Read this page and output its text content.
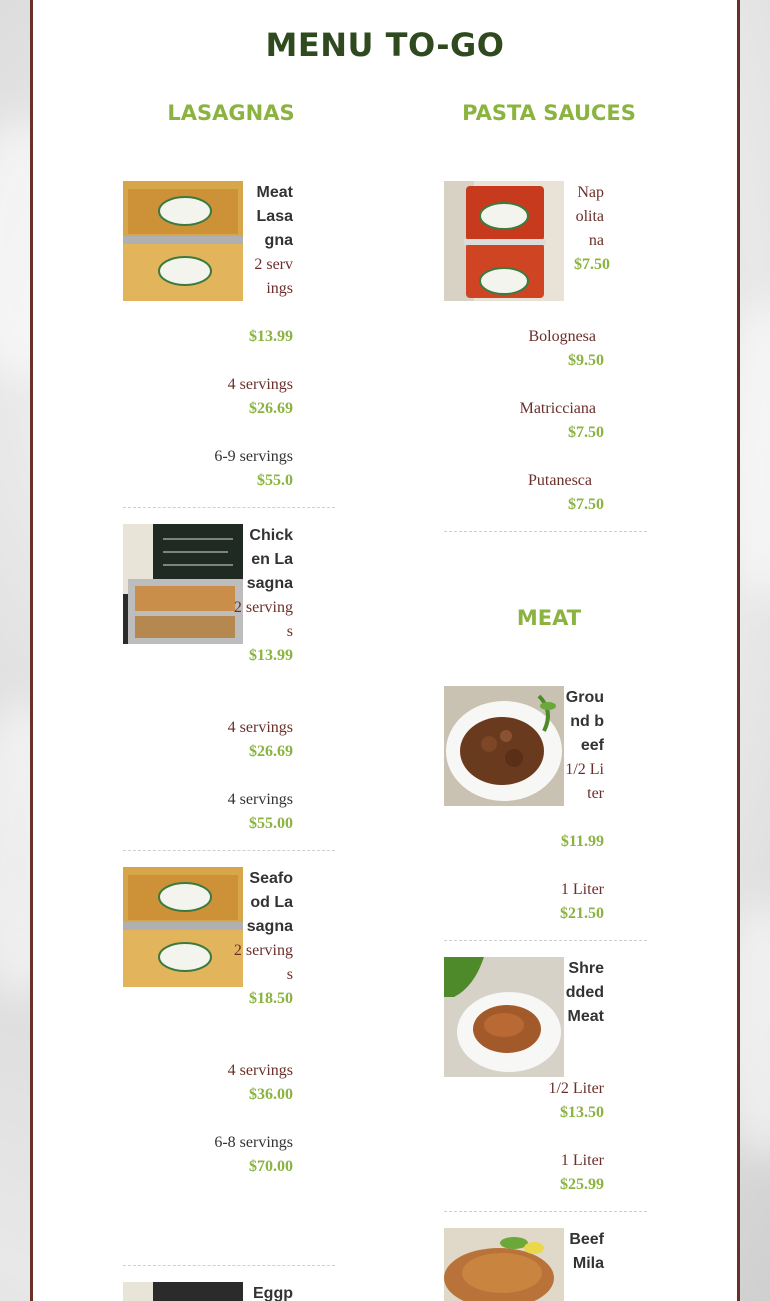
MENU TO-GO
LASAGNAS
Meat Lasagna
2 servings
$13.99
4 servings
$26.69
6-9 servings
$55.0
Chicken Lasagna
2 servings
$13.99
4 servings
$26.69
4 servings
$55.00
Seafood Lasagna
2 servings
$18.50
4 servings
$36.00
6-8 servings
$70.00
Eggp
PASTA SAUCES
Napolitana
$7.50
Bolognesa
$9.50
Matricciana
$7.50
Putanesca
$7.50
MEAT
Ground beef
1/2 Liter
$11.99
1 Liter
$21.50
Shredded Meat
1/2 Liter
$13.50
1 Liter
$25.99
Beef Mila
